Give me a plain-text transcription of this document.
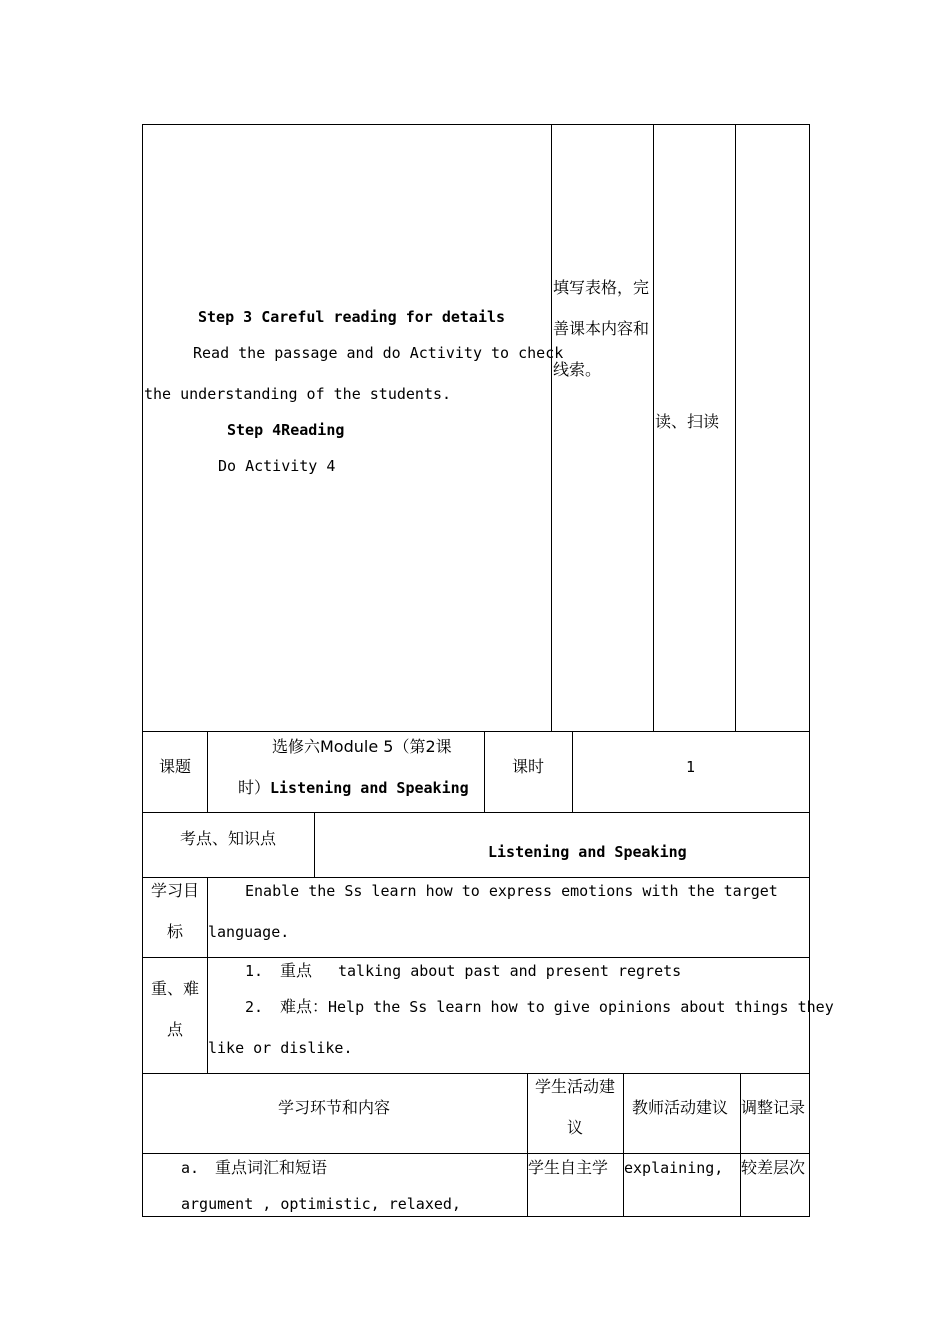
Step 3 Careful reading for details
Read the passage and do Activity to check
the understanding of the students.
Step 4Reading
Do Activity 4
填写表格，完
善课本内容和
线索。
读、扫读
课题
选修六Module 5（第2课
时） Listening and Speaking
课时	1
考点、知识点
Listening and Speaking
学习目
标
Enable the Ss learn how to express emotions with the target
language.
重、难
点
1. 重点 talking about past and present regrets
2. 难点： Help the Ss learn how to give opinions about things they
like or dislike.
学习环节和内容
学生活动建
议
教师活动建议 调整记录
a. 重点词汇和短语
argument , optimistic, relaxed,
学生自主学 explaining, 较差层次
